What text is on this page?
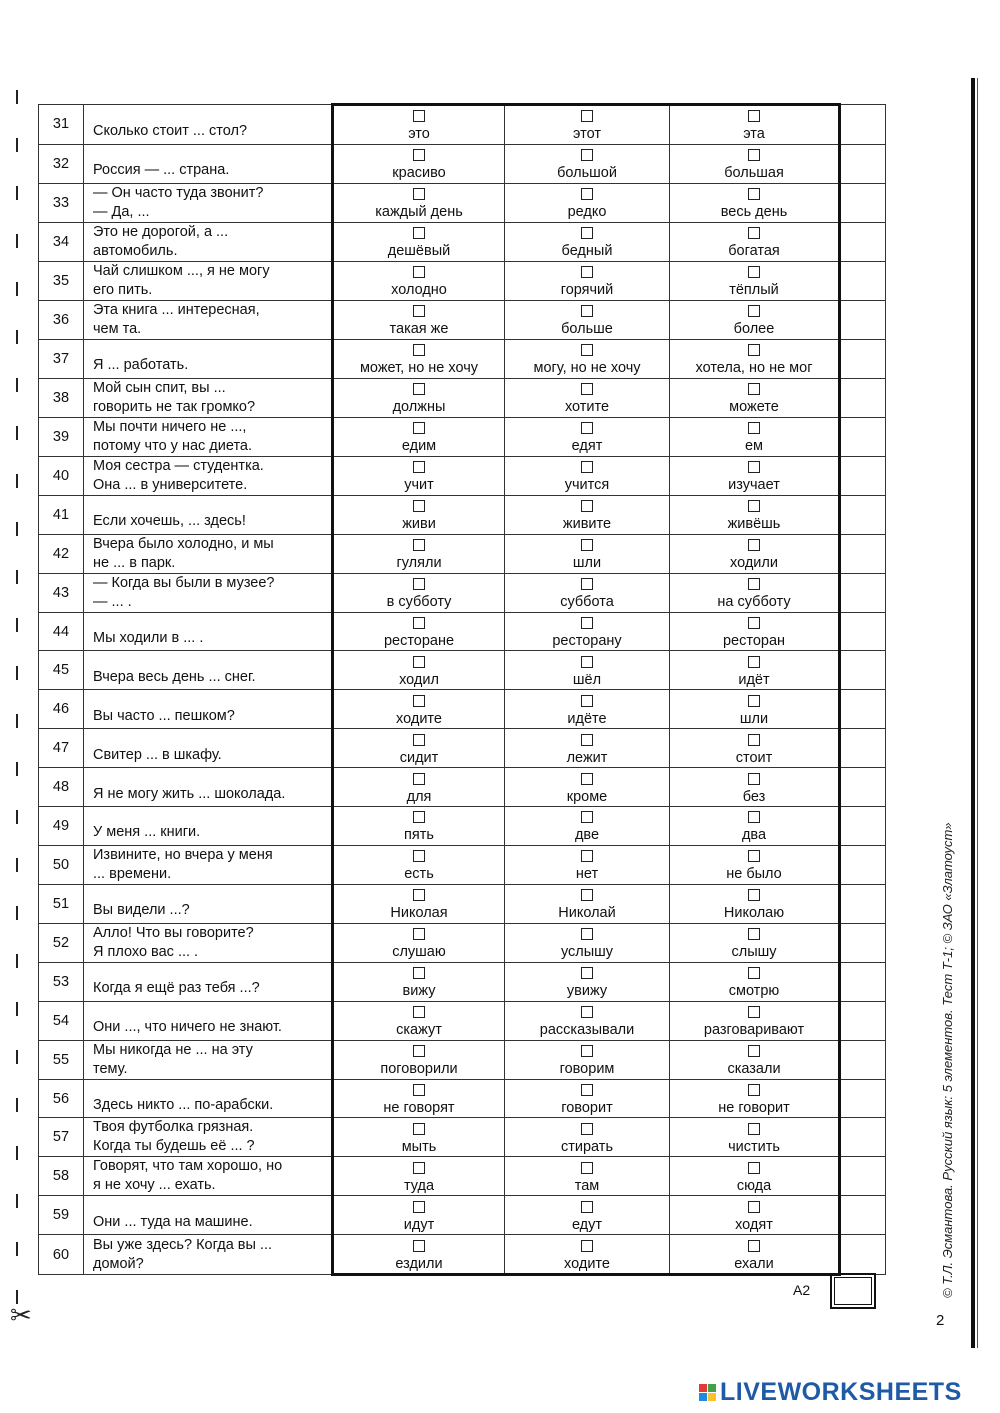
✂
31	Сколько стоит ... стол?	это	этот	эта	

32	Россия — ... страна.	красиво	большой	большая	

33	— Он часто туда звонит?
— Да, ...	каждый день	редко	весь день	

34	Это не дорогой, а ...
автомобиль.	дешёвый	бедный	богатая	

35	Чай слишком ..., я не могу
его пить.	холодно	горячий	тёплый	

36	Эта книга ... интересная,
чем та.	такая же	больше	более	

37	Я ... работать.	может, но не хочу	могу, но не хочу	хотела, но не мог	

38	Мой сын спит, вы ...
говорить не так громко?	должны	хотите	можете	

39	Мы почти ничего не ...,
потому что у нас диета.	едим	едят	ем	

40	Моя сестра — студентка.
Она ... в университете.	учит	учится	изучает	

41	Если хочешь, ... здесь!	живи	живите	живёшь	

42	Вчера было холодно, и мы
не ... в парк.	гуляли	шли	ходили	

43	— Когда вы были в музее?
— ... .	в субботу	суббота	на субботу	

44	Мы ходили в ... .	ресторане	ресторану	ресторан	

45	Вчера весь день ... снег.	ходил	шёл	идёт	

46	Вы часто ... пешком?	ходите	идёте	шли	

47	Свитер ... в шкафу.	сидит	лежит	стоит	

48	Я не могу жить ... шоколада.	для	кроме	без	

49	У меня ... книги.	пять	две	два	

50	Извините, но вчера у меня
... времени.	есть	нет	не было	

51	Вы видели ...?	Николая	Николай	Николаю	

52	Алло! Что вы говорите?
Я плохо вас ... .	слушаю	услышу	слышу	

53	Когда я ещё раз тебя ...?	вижу	увижу	смотрю	

54	Они ..., что ничего не знают.	скажут	рассказывали	разговаривают	

55	Мы никогда не ... на эту
тему.	поговорили	говорим	сказали	

56	Здесь никто ... по-арабски.	не говорят	говорит	не говорит	

57	Твоя футболка грязная.
Когда ты будешь её ... ?	мыть	стирать	чистить	

58	Говорят, что там хорошо, но
я не хочу ... ехать.	туда	там	сюда	

59	Они ... туда на машине.	идут	едут	ходят	

60	Вы уже здесь? Когда вы ...
домой?	ездили	ходите	ехали	

А2	© Т.Л. Эсмантова. Русский язык: 5 элементов. Тест Т-1; © ЗАО «Златоуст»
2
LIVEWORKSHEETS
